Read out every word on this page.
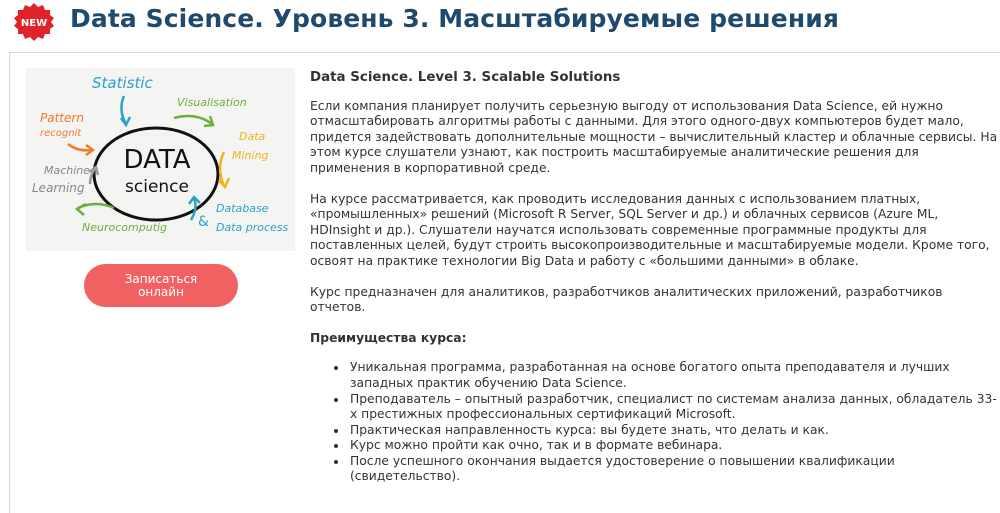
NEW Data Science. Уровень 3. Масштабируемые решения
DATA
science
Statistic
Visualisation
Pattern
recognit	Data
Mining
Machine
Learning
Neurocomputig &
Database
Data process
Записаться онлайн
Data Science. Level 3. Scalable Solutions

Если компания планирует получить серьезную выгоду от использования Data Science, ей нужно отмасштабировать алгоритмы работы с данными. Для этого одного-двух компьютеров будет мало, придется задействовать дополнительные мощности – вычислительный кластер и облачные сервисы. На этом курсе слушатели узнают, как построить масштабируемые аналитические решения для применения в корпоративной среде.

На курсе рассматривается, как проводить исследования данных с использованием платных, «промышленных» решений (Microsoft R Server, SQL Server и др.) и облачных сервисов (Azure ML, HDInsight и др.). Слушатели научатся использовать современные программные продукты для поставленных целей, будут строить высокопроизводительные и масштабируемые модели. Кроме того, освоят на практике технологии Big Data и работу с «большими данными» в облаке.

Курс предназначен для аналитиков, разработчиков аналитических приложений, разработчиков отчетов.

Преимущества курса:
• Уникальная программа, разработанная на основе богатого опыта преподавателя и лучших западных практик обучению Data Science.
• Преподаватель – опытный разработчик, специалист по системам анализа данных, обладатель 33-х престижных профессиональных сертификаций Microsoft.
• Практическая направленность курса: вы будете знать, что делать и как.
• Курс можно пройти как очно, так и в формате вебинара.
• После успешного окончания выдается удостоверение о повышении квалификации (свидетельство).
